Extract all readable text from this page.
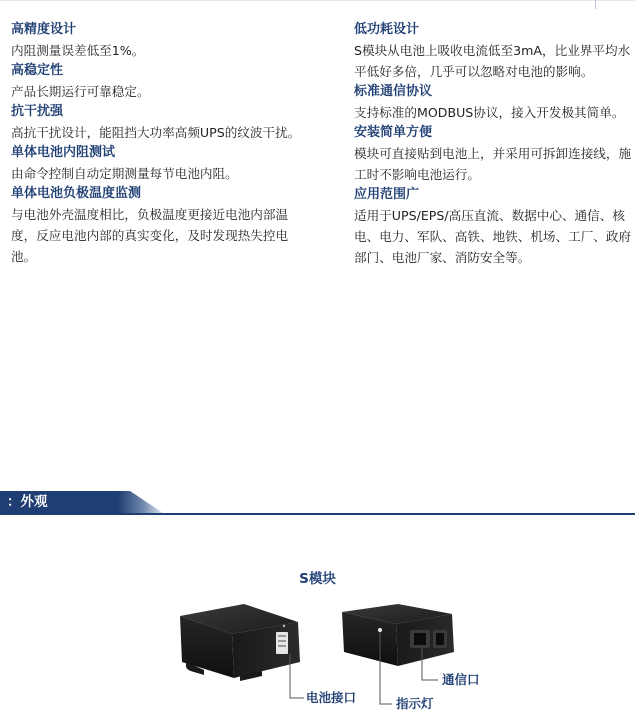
高精度设计
内阻测量误差低至1%。
高稳定性
产品长期运行可靠稳定。
抗干扰强
高抗干扰设计，能阻挡大功率高频UPS的纹波干扰。
单体电池内阻测试
由命令控制自动定期测量每节电池内阻。
单体电池负极温度监测
与电池外壳温度相比，负极温度更接近电池内部温度，反应电池内部的真实变化，及时发现热失控电池。
低功耗设计
S模块从电池上吸收电流低至3mA，比业界平均水平低好多倍，几乎可以忽略对电池的影响。
标准通信协议
支持标准的MODBUS协议，接入开发极其简单。
安装简单方便
模块可直接贴到电池上，并采用可拆卸连接线，施工时不影响电池运行。
应用范围广
适用于UPS/EPS/高压直流、数据中心、通信、核电、电力、军队、高铁、地铁、机场、工厂、政府部门、电池厂家、消防安全等。
：外观
S模块
通信口
电池接口	指示灯
